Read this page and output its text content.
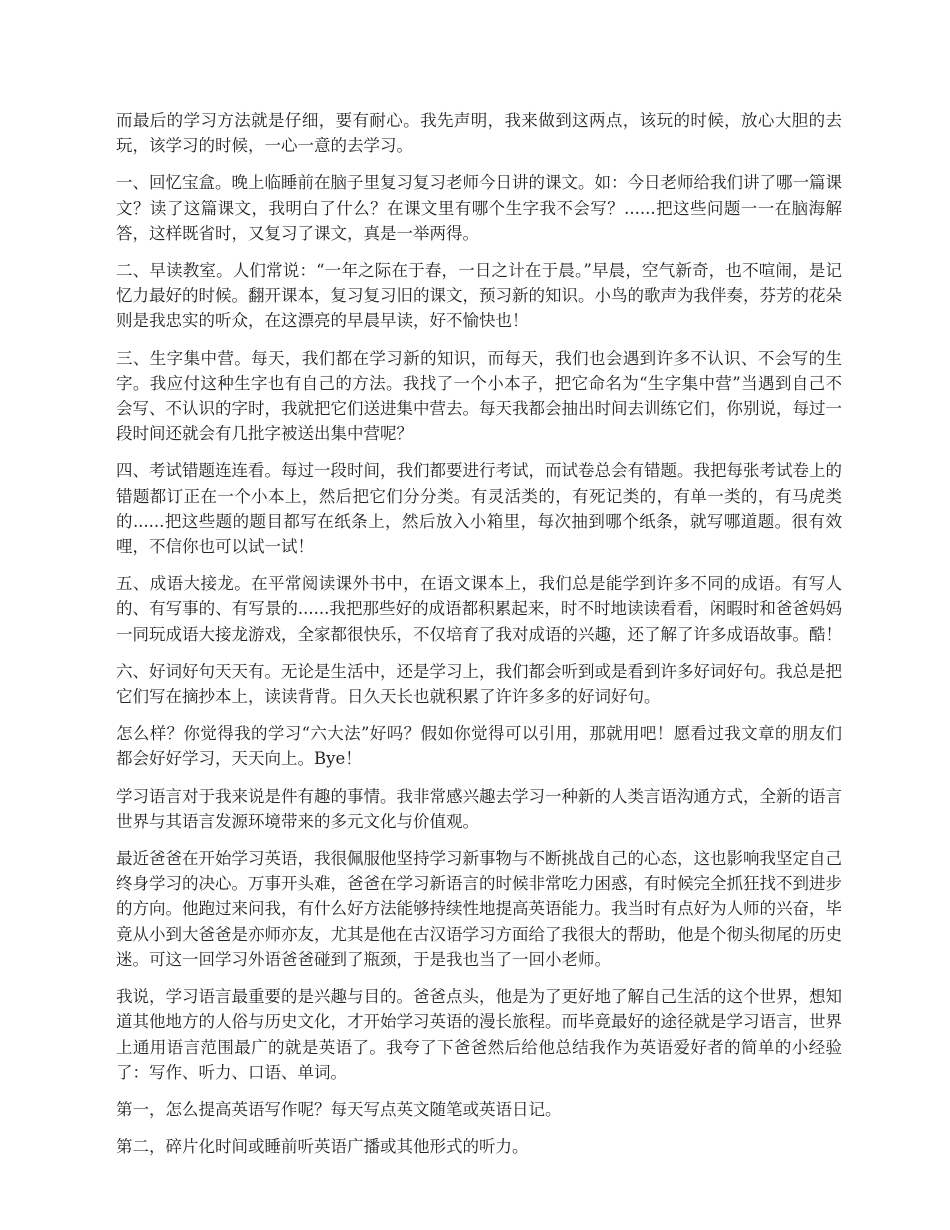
而最后的学习方法就是仔细，要有耐心。我先声明，我来做到这两点，该玩的时候，放心大胆的去玩，该学习的时候，一心一意的去学习。

一、回忆宝盒。晚上临睡前在脑子里复习复习老师今日讲的课文。如：今日老师给我们讲了哪一篇课文？读了这篇课文，我明白了什么？在课文里有哪个生字我不会写？......把这些问题一一在脑海解答，这样既省时，又复习了课文，真是一举两得。

二、早读教室。人们常说：“一年之际在于春，一日之计在于晨。”早晨，空气新奇，也不喧闹，是记忆力最好的时候。翻开课本，复习复习旧的课文，预习新的知识。小鸟的歌声为我伴奏，芬芳的花朵则是我忠实的听众，在这漂亮的早晨早读，好不愉快也！

三、生字集中营。每天，我们都在学习新的知识，而每天，我们也会遇到许多不认识、不会写的生字。我应付这种生字也有自己的方法。我找了一个小本子，把它命名为“生字集中营”当遇到自己不会写、不认识的字时，我就把它们送进集中营去。每天我都会抽出时间去训练它们，你别说，每过一段时间还就会有几批字被送出集中营呢？

四、考试错题连连看。每过一段时间，我们都要进行考试，而试卷总会有错题。我把每张考试卷上的错题都订正在一个小本上，然后把它们分分类。有灵活类的，有死记类的，有单一类的，有马虎类的......把这些题的题目都写在纸条上，然后放入小箱里，每次抽到哪个纸条，就写哪道题。很有效哩，不信你也可以试一试！

五、成语大接龙。在平常阅读课外书中，在语文课本上，我们总是能学到许多不同的成语。有写人的、有写事的、有写景的......我把那些好的成语都积累起来，时不时地读读看看，闲暇时和爸爸妈妈一同玩成语大接龙游戏，全家都很快乐，不仅培育了我对成语的兴趣，还了解了许多成语故事。酷！

六、好词好句天天有。无论是生活中，还是学习上，我们都会听到或是看到许多好词好句。我总是把它们写在摘抄本上，读读背背。日久天长也就积累了许许多多的好词好句。

怎么样？你觉得我的学习“六大法”好吗？假如你觉得可以引用，那就用吧！愿看过我文章的朋友们都会好好学习，天天向上。Bye！

学习语言对于我来说是件有趣的事情。我非常感兴趣去学习一种新的人类言语沟通方式，全新的语言世界与其语言发源环境带来的多元文化与价值观。

最近爸爸在开始学习英语，我很佩服他坚持学习新事物与不断挑战自己的心态，这也影响我坚定自己终身学习的决心。万事开头难，爸爸在学习新语言的时候非常吃力困惑，有时候完全抓狂找不到进步的方向。他跑过来问我，有什么好方法能够持续性地提高英语能力。我当时有点好为人师的兴奋，毕竟从小到大爸爸是亦师亦友，尤其是他在古汉语学习方面给了我很大的帮助，他是个彻头彻尾的历史迷。可这一回学习外语爸爸碰到了瓶颈，于是我也当了一回小老师。

我说，学习语言最重要的是兴趣与目的。爸爸点头，他是为了更好地了解自己生活的这个世界，想知道其他地方的人俗与历史文化，才开始学习英语的漫长旅程。而毕竟最好的途径就是学习语言，世界上通用语言范围最广的就是英语了。我夸了下爸爸然后给他总结我作为英语爱好者的简单的小经验了：写作、听力、口语、单词。

第一，怎么提高英语写作呢？每天写点英文随笔或英语日记。

第二，碎片化时间或睡前听英语广播或其他形式的听力。
